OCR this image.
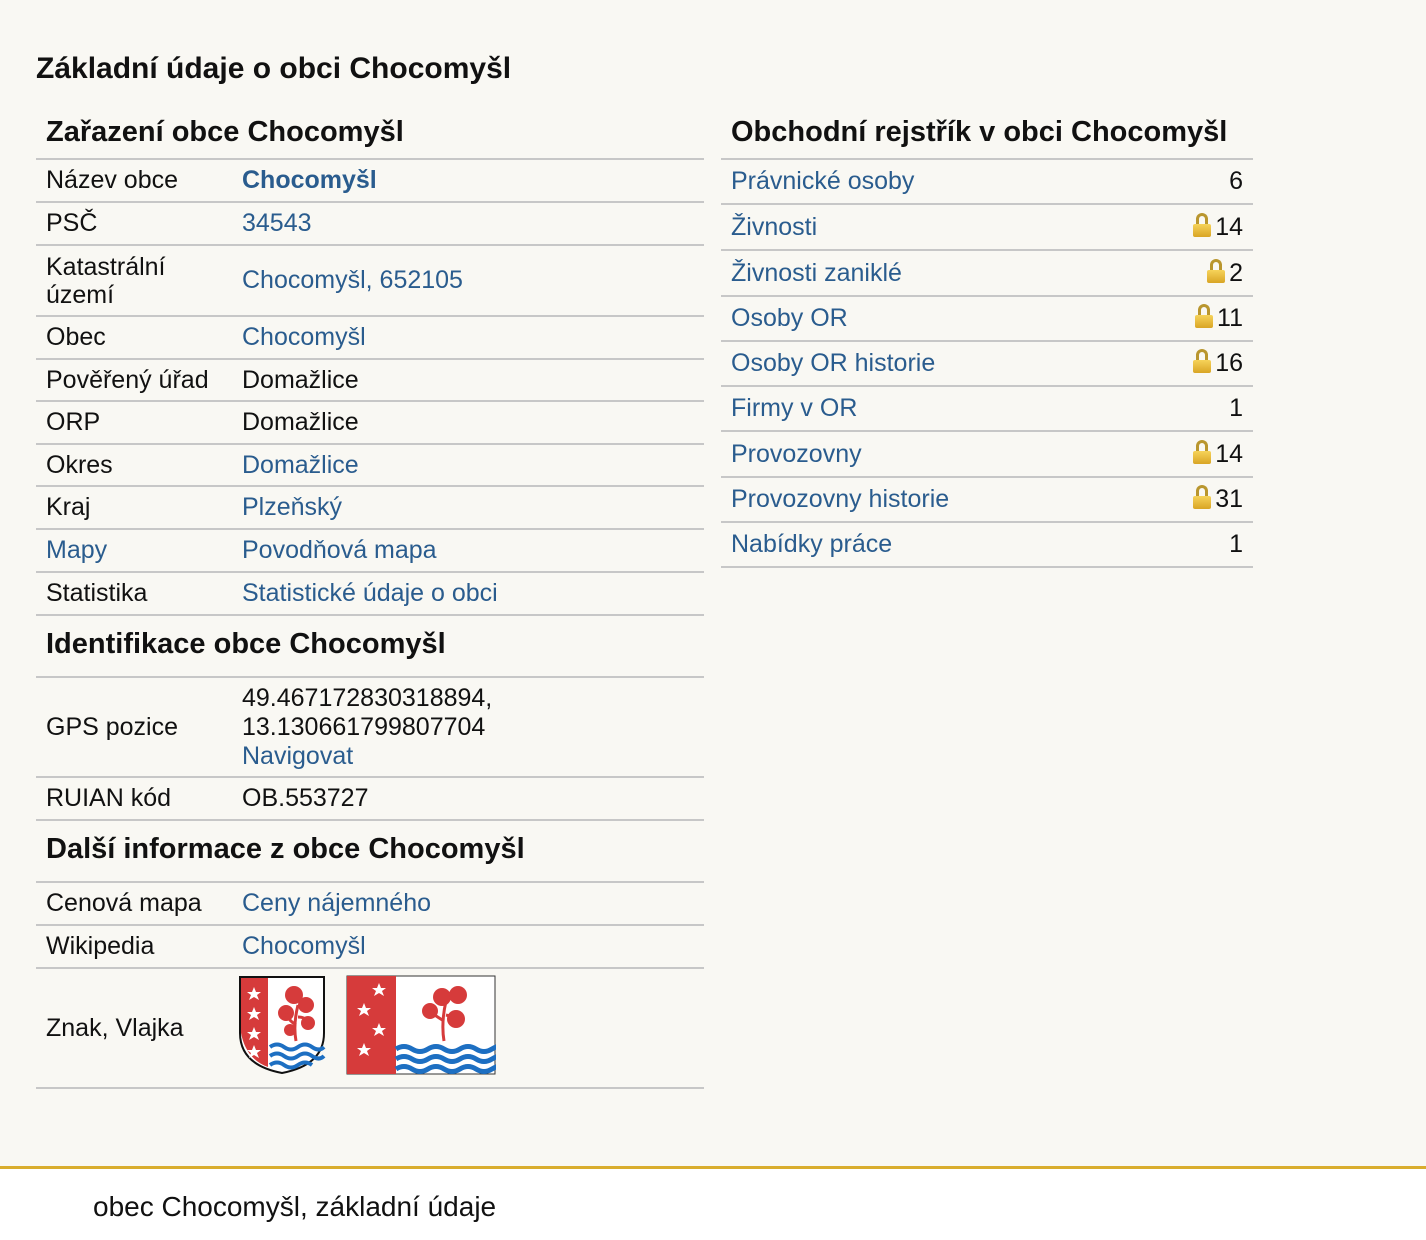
Základní údaje o obci Chocomyšl
Zařazení obce Chocomyšl
Název obce	Chocomyšl
PSČ	34543
Katastrální území	Chocomyšl, 652105
Obec	Chocomyšl
Pověřený úřad	Domažlice
ORP	Domažlice
Okres	Domažlice
Kraj	Plzeňský
Mapy	Povodňová mapa
Statistika	Statistické údaje o obci
Identifikace obce Chocomyšl
GPS pozice	49.467172830318894, 13.130661799807704
Navigovat
RUIAN kód	OB.553727
Další informace z obce Chocomyšl
Cenová mapa	Ceny nájemného
Wikipedia	Chocomyšl
Znak, Vlajka	
Obchodní rejstřík v obci Chocomyšl
Právnické osoby	6
Živnosti	14
Živnosti zaniklé	2
Osoby OR	11
Osoby OR historie	16
Firmy v OR	1
Provozovny	14
Provozovny historie	31
Nabídky práce	1
obec Chocomyšl, základní údaje
